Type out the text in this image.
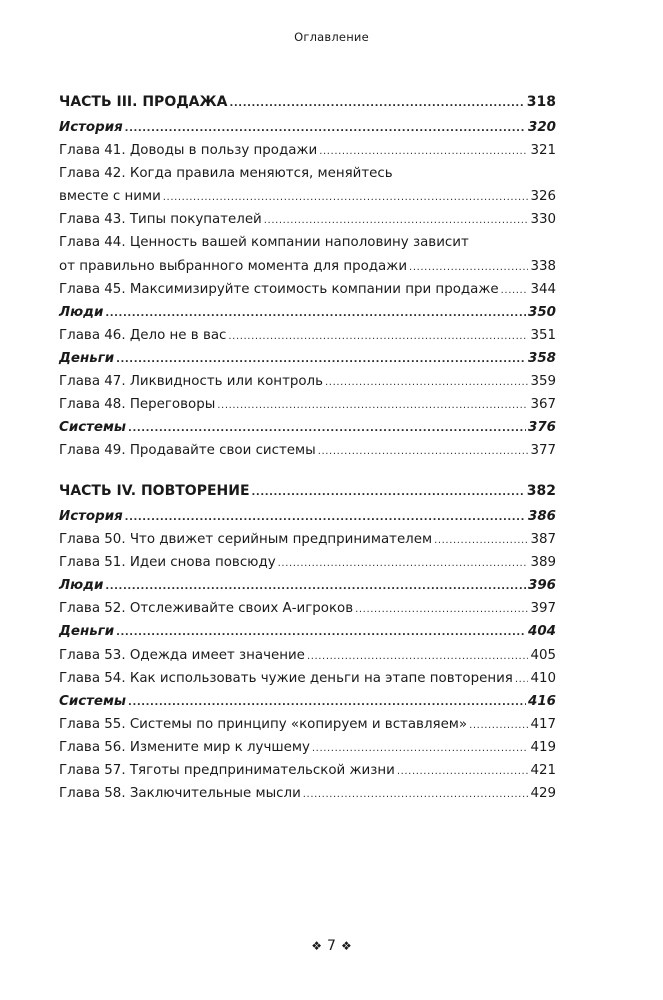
Оглавление
ЧАСТЬ III. ПРОДАЖА .....	318
История .....	320
Глава 41. Доводы в пользу продажи .....	321
Глава 42. Когда правила меняются, меняйтесь
вместе с ними .....	326
Глава 43. Типы покупателей .....	330
Глава 44. Ценность вашей компании наполовину зависит
от правильно выбранного момента для продажи .....	338
Глава 45. Максимизируйте стоимость компании при продаже ..... 344
Люди .....	350
Глава 46. Дело не в вас .....	351
Деньги .....	358
Глава 47. Ликвидность или контроль .....	359
Глава 48. Переговоры .....	367
Системы .....	376
Глава 49. Продавайте свои системы .....	377
ЧАСТЬ IV. ПОВТОРЕНИЕ .....	382
История .....	386
Глава 50. Что движет серийным предпринимателем .....	387
Глава 51. Идеи снова повсюду .....	389
Люди .....	396
Глава 52. Отслеживайте своих А-игроков .....	397
Деньги .....	404
Глава 53. Одежда имеет значение .....	405
Глава 54. Как использовать чужие деньги на этапе повторения ..... 410
Системы .....	416
Глава 55. Системы по принципу «копируем и вставляем» .....	417
Глава 56. Измените мир к лучшему .....	419
Глава 57. Тяготы предпринимательской жизни .....	421
Глава 58. Заключительные мысли .....	429
❖ 7 ❖
